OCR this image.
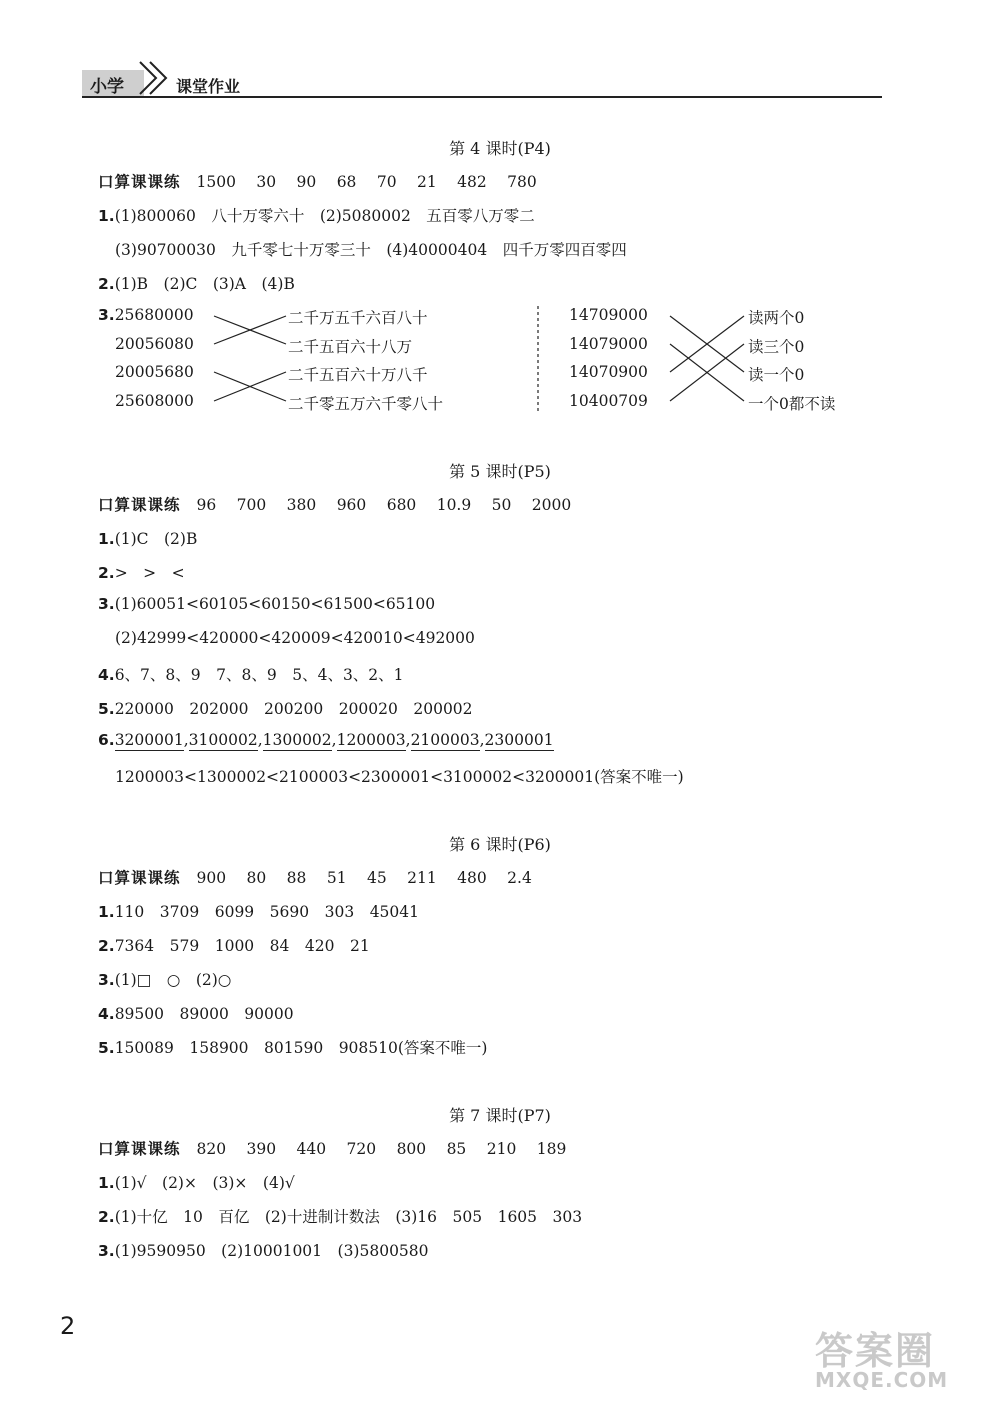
小学	课堂作业
第 4 课时(P4)
口算课课练 1500　 30　 90　 68　 70　 21　 482　 780
1.(1)800060　八十万零六十　(2)5080002　五百零八万零二
(3)90700030　九千零七十万零三十　(4)40000404　四千万零四百零四
2.(1)B　(2)C　(3)A　(4)B
3.25680000
20056080
20005680
25608000
二千万五千六百八十
二千五百六十八万
二千五百六十万八千
二千零五万六千零八十
14709000
14079000
14070900
10400709
读两个0
读三个0
读一个0
一个0都不读
第 5 课时(P5)
口算课课练 96　 700　 380　 960　 680　 10.9　 50　 2000
1.(1)C　(2)B
2.>　>　<
3.(1)60051<60105<60150<61500<65100
(2)42999<420000<420009<420010<492000
4.6、7、8、9　7、8、9　5、4、3、2、1
5.220000　202000　200200　200020　200002
6.3200001,3100002,1300002,1200003,2100003,2300001
1200003<1300002<2100003<2300001<3100002<3200001(答案不唯一)
第 6 课时(P6)
口算课课练 900　 80　 88　 51　 45　 211　 480　 2.4
1.110　3709　6099　5690　303　45041
2.7364　579　1000　84　420　21
3.(1)□　○　(2)○
4.89500　89000　90000
5.150089　158900　801590　908510(答案不唯一)
第 7 课时(P7)
口算课课练 820　 390　 440　 720　 800　 85　 210　 189
1.(1)√　(2)×　(3)×　(4)√
2.(1)十亿　10　百亿　(2)十进制计数法　(3)16　505　1605　303
3.(1)9590950　(2)10001001　(3)5800580
2
答案圈
MXQE.COM
